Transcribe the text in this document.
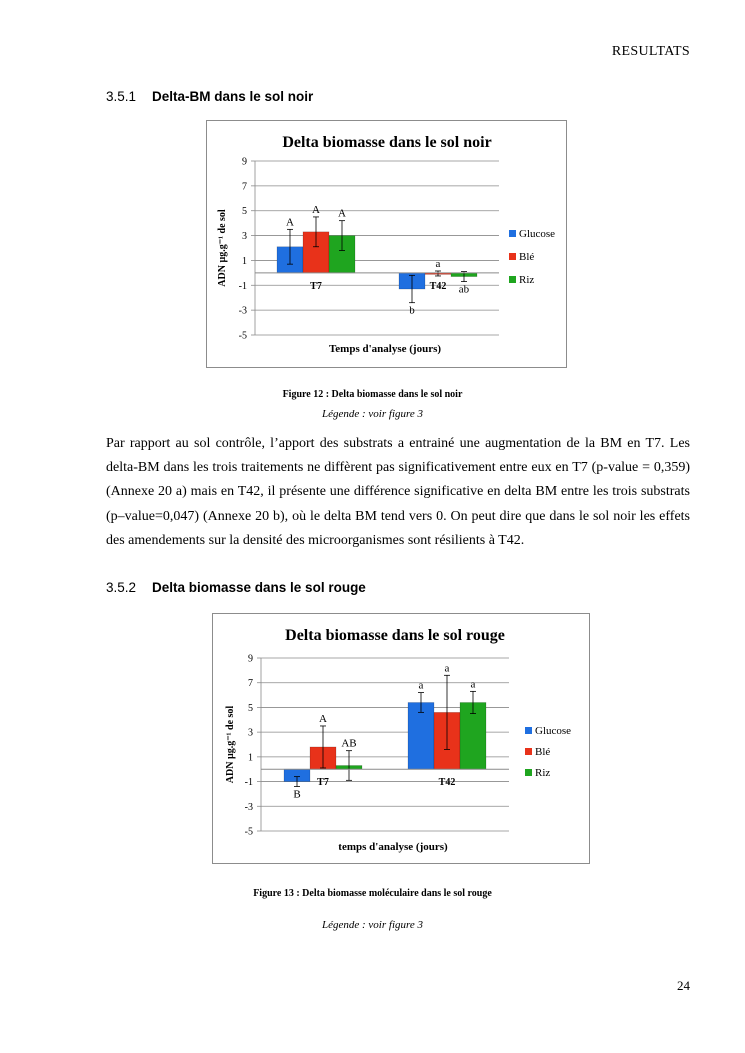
RESULTATS
3.5.1 Delta-BM dans le sol noir
-5
-3
-1
1
3
5
7
9
Delta biomasse dans le sol noir
Temps d'analyse (jours)
ADN µg.g⁻¹ de sol	A
A A
T7
b
a
ab
T42
Glucose
Blé
Riz
Figure 12 : Delta biomasse dans le sol noir
Légende : voir figure 3
Par rapport au sol contrôle, l’apport des substrats a entrainé une augmentation de la BM en T7. Les delta-BM dans les trois traitements ne diffèrent pas significativement entre eux en T7 (p-value = 0,359) (Annexe 20 a) mais en T42, il présente une différence significative en delta BM entre les trois substrats (p–value=0,047) (Annexe 20 b), où le delta BM tend vers 0. On peut dire que dans le sol noir les effets des amendements sur la densité des microorganismes sont résilients à T42.
3.5.2 Delta biomasse dans le sol rouge
-5
-3
-1
1
3
5
7
9
Delta biomasse dans le sol rouge
temps d'analyse (jours)
ADN µg.g⁻¹ de sol
B
A
AB
T7
a
a
a
T42
Glucose
Blé
Riz
Figure 13 : Delta biomasse moléculaire dans le sol rouge
Légende : voir figure 3
24
